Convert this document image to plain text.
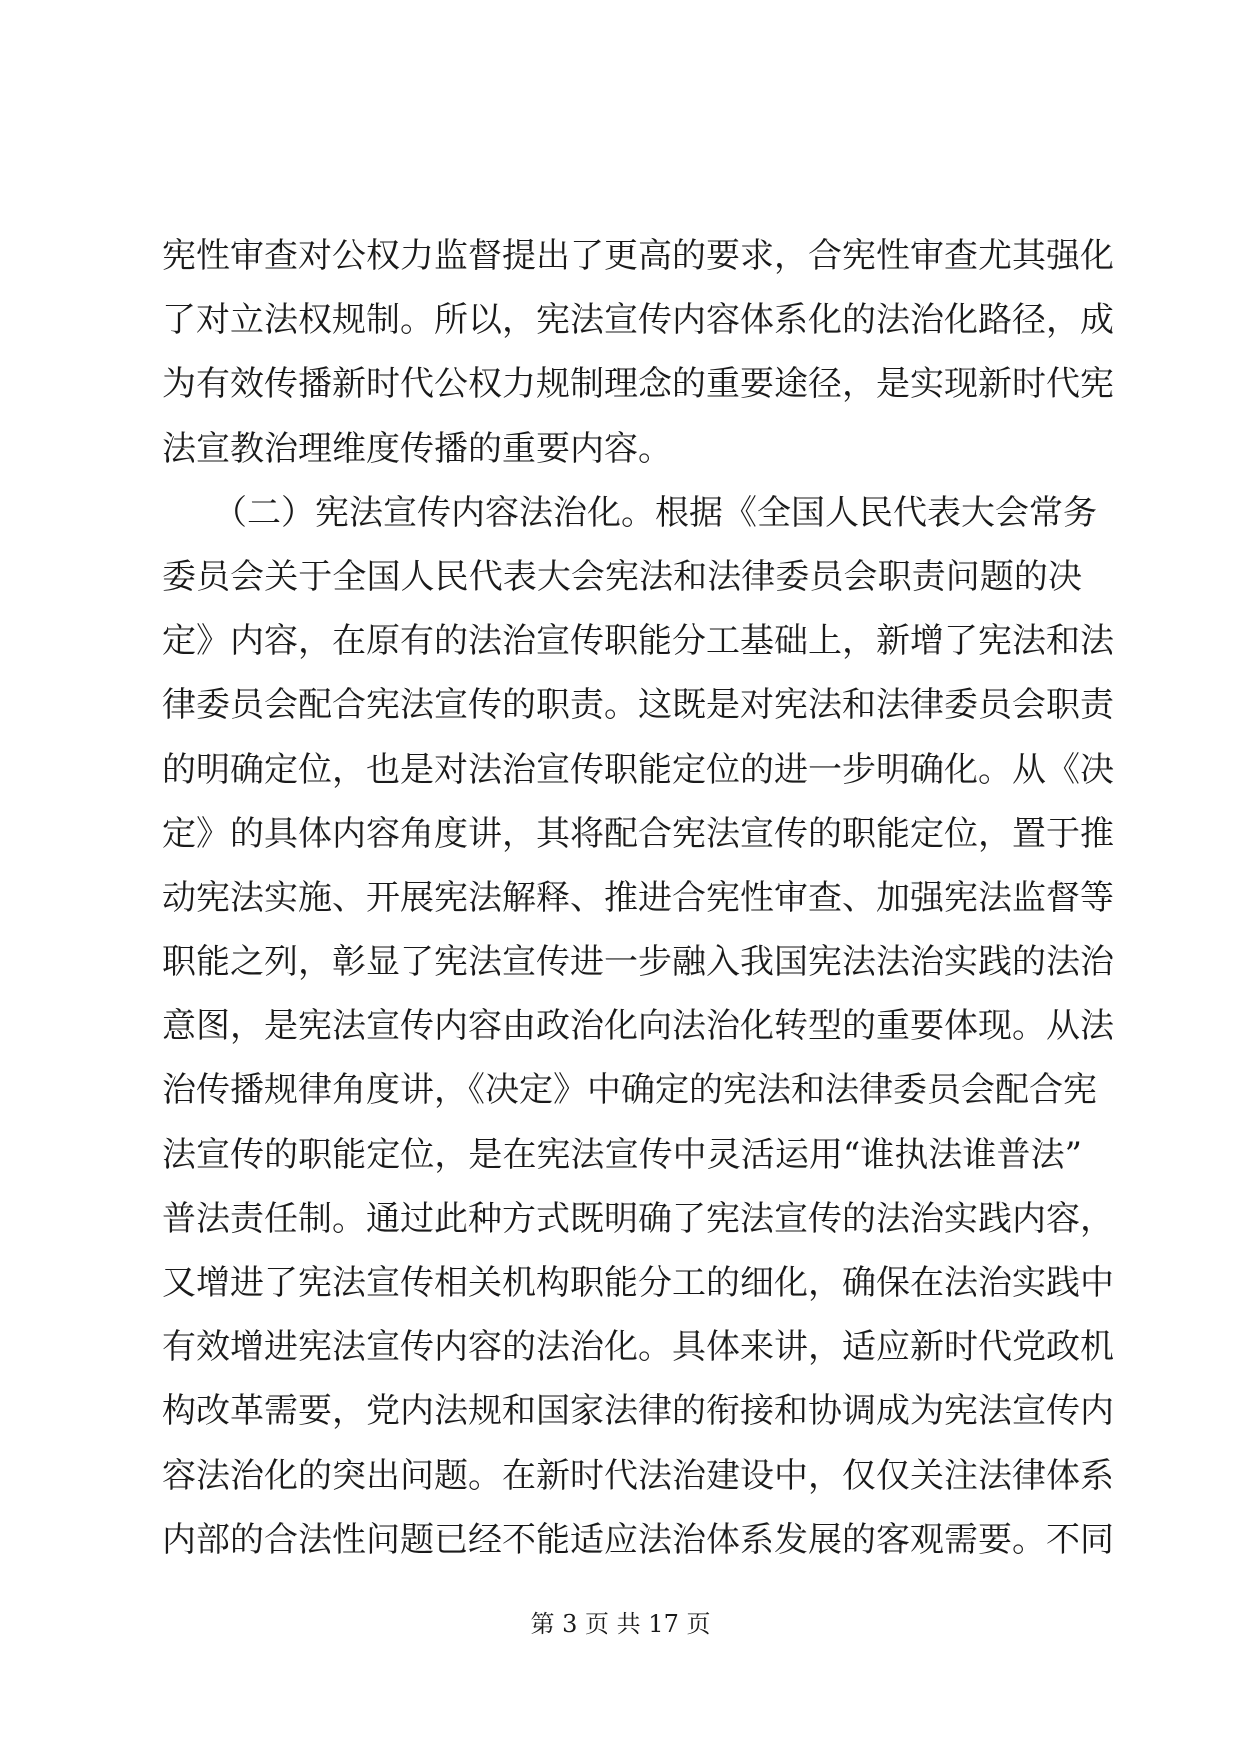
宪性审查对公权力监督提出了更高的要求，合宪性审查尤其强化
了对立法权规制。所以，宪法宣传内容体系化的法治化路径，成
为有效传播新时代公权力规制理念的重要途径，是实现新时代宪
法宣教治理维度传播的重要内容。
　　（二）宪法宣传内容法治化。根据《全国人民代表大会常务
委员会关于全国人民代表大会宪法和法律委员会职责问题的决
定》内容，在原有的法治宣传职能分工基础上，新增了宪法和法
律委员会配合宪法宣传的职责。这既是对宪法和法律委员会职责
的明确定位，也是对法治宣传职能定位的进一步明确化。从《决
定》的具体内容角度讲，其将配合宪法宣传的职能定位，置于推
动宪法实施、开展宪法解释、推进合宪性审查、加强宪法监督等
职能之列，彰显了宪法宣传进一步融入我国宪法法治实践的法治
意图，是宪法宣传内容由政治化向法治化转型的重要体现。从法
治传播规律角度讲，《决定》中确定的宪法和法律委员会配合宪
法宣传的职能定位，是在宪法宣传中灵活运用“谁执法谁普法”
普法责任制。通过此种方式既明确了宪法宣传的法治实践内容，
又增进了宪法宣传相关机构职能分工的细化，确保在法治实践中
有效增进宪法宣传内容的法治化。具体来讲，适应新时代党政机
构改革需要，党内法规和国家法律的衔接和协调成为宪法宣传内
容法治化的突出问题。在新时代法治建设中，仅仅关注法律体系
内部的合法性问题已经不能适应法治体系发展的客观需要。不同
第 3 页 共 17 页
